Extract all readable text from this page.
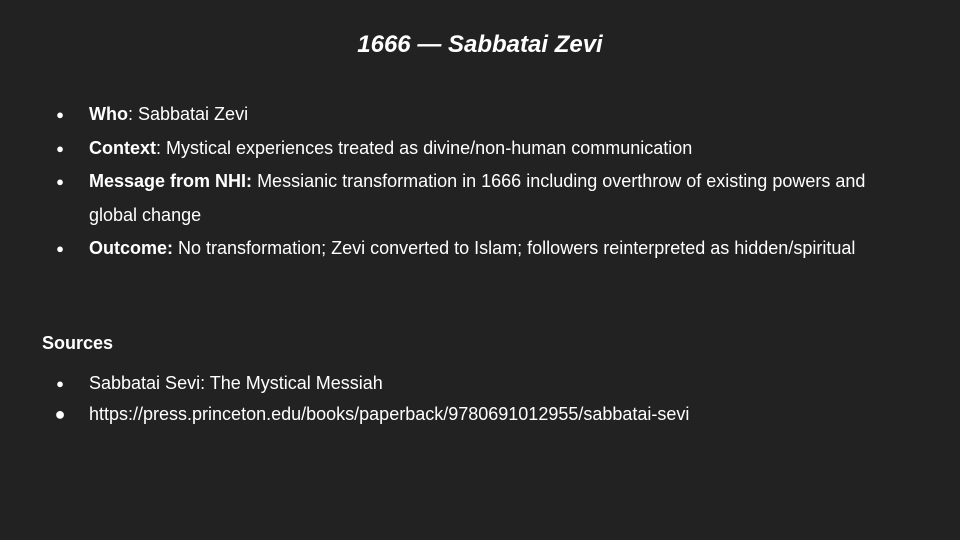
1666 — Sabbatai Zevi
● Who: Sabbatai Zevi
● Context: Mystical experiences treated as divine/non-human communication
● Message from NHI: Messianic transformation in 1666 including overthrow of existing powers and global change
● Outcome: No transformation; Zevi converted to Islam; followers reinterpreted as hidden/spiritual
Sources
● Sabbatai Sevi: The Mystical Messiah
● https://press.princeton.edu/books/paperback/9780691012955/sabbatai-sevi
